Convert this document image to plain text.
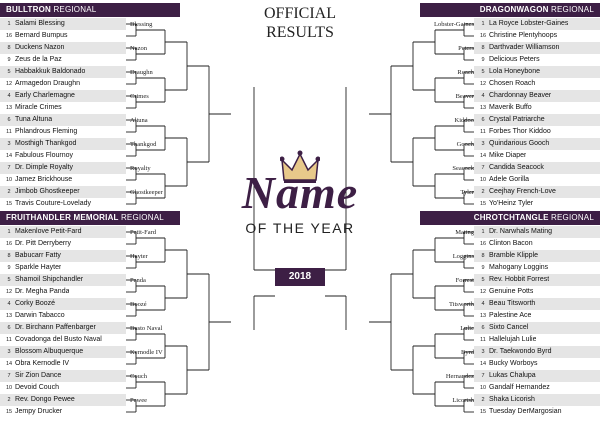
OFFICIAL
RESULTS
Name
OF THE YEAR
2018
BULLTRON REGIONAL
1 Salami Blessing
16 Bernard Bumpus
8 Duckens Nazon
9 Zeus de la Paz
5 Habbakkuk Baldonado
12 Armagedon Draughn
4 Early Charlemagne
13 Miracle Crimes
6 Tuna Altuna
11 Phlandrous Fleming
3 Mosthigh Thankgod
14 Fabulous Flournoy
7 Dr. Dimple Royalty
10 Jamez Brickhouse
2 Jimbob Ghostkeeper
15 Travis Couture-Lovelady
Blessing
Nazon
Draughn
Crimes
Altuna
Thankgod
Royalty
Ghostkeeper
DRAGONWAGON REGIONAL
1 La Royce Lobster-Gaines
16 Christine Plentyhoops
8 Darthvader Williamson
9 Delicious Peters
5 Lola Honeybone
12 Chosen Roach
4 Chardonnay Beaver
13 Maverik Buffo
6 Crystal Patriarche
11 Forbes Thor Kiddoo
3 Quindarious Gooch
14 Mike Diaper
7 Candida Seacock
10 Adele Gorilla
2 Ceejhay French-Love
15 Yo'Heinz Tyler
Lobster-Gaines
Peters
Roach
Beaver
Kiddoo
Gooch
Seacock
Tyler
FRUITHANDLER MEMORIAL REGIONAL
1 Makenlove Petit-Fard
16 Dr. Pitt Derryberry
8 Babucarr Fatty
9 Sparkle Hayter
5 Shamoil Shipchandler
12 Dr. Megha Panda
4 Corky Boozé
13 Darwin Tabacco
6 Dr. Birchann Paffenbarger
11 Covadonga del Busto Naval
3 Blossom Albuquerque
14 Obra Kernodle IV
7 Sir Zion Dance
10 Devoid Couch
2 Rev. Dongo Pewee
15 Jempy Drucker
Petit-Fard
Hayter
Panda
Boozé
Busto Naval
Kernodle IV
Couch
Pewee
CHROTCHTANGLE REGIONAL
1 Dr. Narwhals Mating
16 Clinton Bacon
8 Bramble Klipple
9 Mahogany Loggins
5 Rev. Hobbit Forrest
12 Genuine Potts
4 Beau Titsworth
13 Palestine Ace
6 Sixto Cancel
11 Hallelujah Lulie
3 Dr. Taekwondo Byrd
14 Bucky Worboys
7 Lukas Chalupa
10 Gandalf Hernandez
2 Shaka Licorish
15 Tuesday DerMargosian
Mating
Loggins
Forrest
Titsworth
Lulie
Byrd
Hernandez
Licorish
